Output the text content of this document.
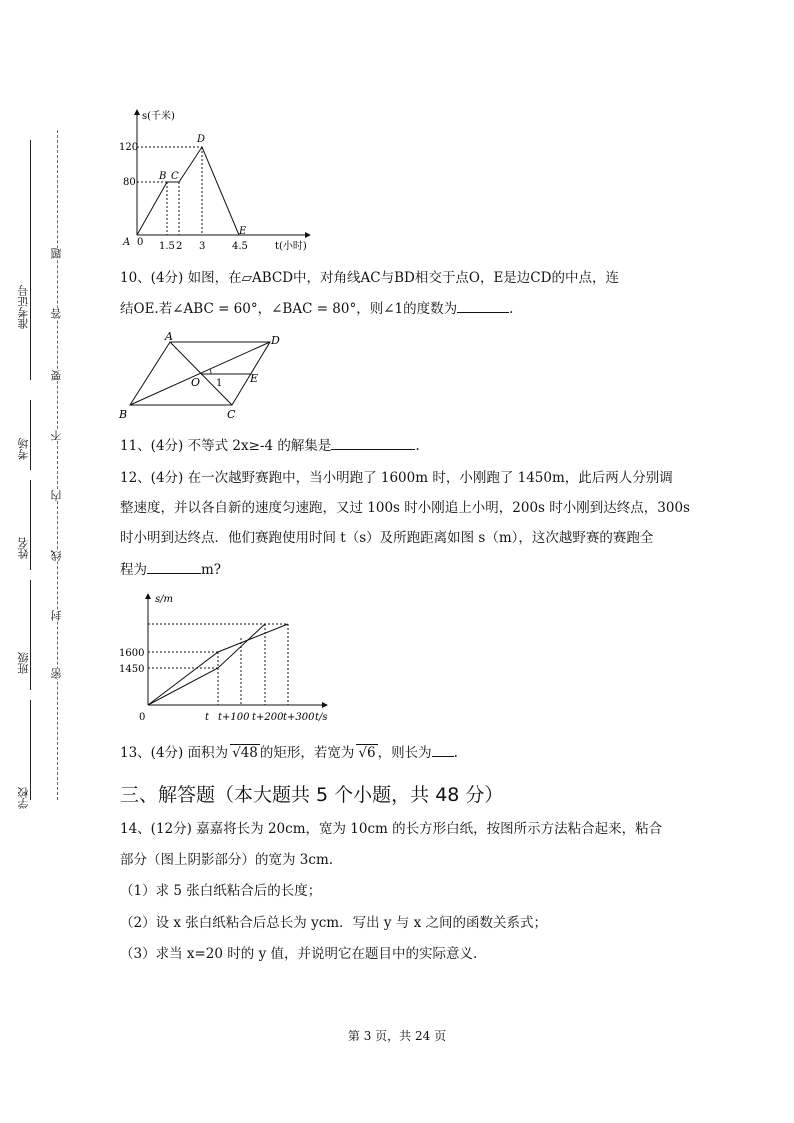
准考证号
考场
姓名
班级
学校
题
答
要
不
内
线
封
密
s(千米)
t(小时)
120
80
1.5 2 3	4.5
0
A
B C
D
E
10、(4分) 如图，在▱ABCD中，对角线AC与BD相交于点O，E是边CD的中点，连
结OE.若∠ABC = 60°，∠BAC = 80°，则∠1的度数为	.
A	D
O 1	E
B	C
11、(4分) 不等式 2x≥-4 的解集是	.
12、(4分) 在一次越野赛跑中，当小明跑了 1600m 时，小刚跑了 1450m，此后两人分别调
整速度，并以各自新的速度匀速跑，又过 100s 时小刚追上小明，200s 时小刚到达终点，300s
时小明到达终点．他们赛跑使用时间 t（s）及所跑距离如图 s（m），这次越野赛的赛跑全
程为	m?
s/m
t/s
0
1600
1450
t t+100 t+200 t+300
13、(4分) 面积为 √48 的矩形，若宽为 √6 ，则长为 .
三、解答题（本大题共 5 个小题，共 48 分）
14、(12分) 嘉嘉将长为 20cm，宽为 10cm 的长方形白纸，按图所示方法粘合起来，粘合
部分（图上阴影部分）的宽为 3cm.
（1）求 5 张白纸粘合后的长度；
（2）设 x 张白纸粘合后总长为 ycm．写出 y 与 x 之间的函数关系式；
（3）求当 x=20 时的 y 值，并说明它在题目中的实际意义.
第 3 页，共 24 页
